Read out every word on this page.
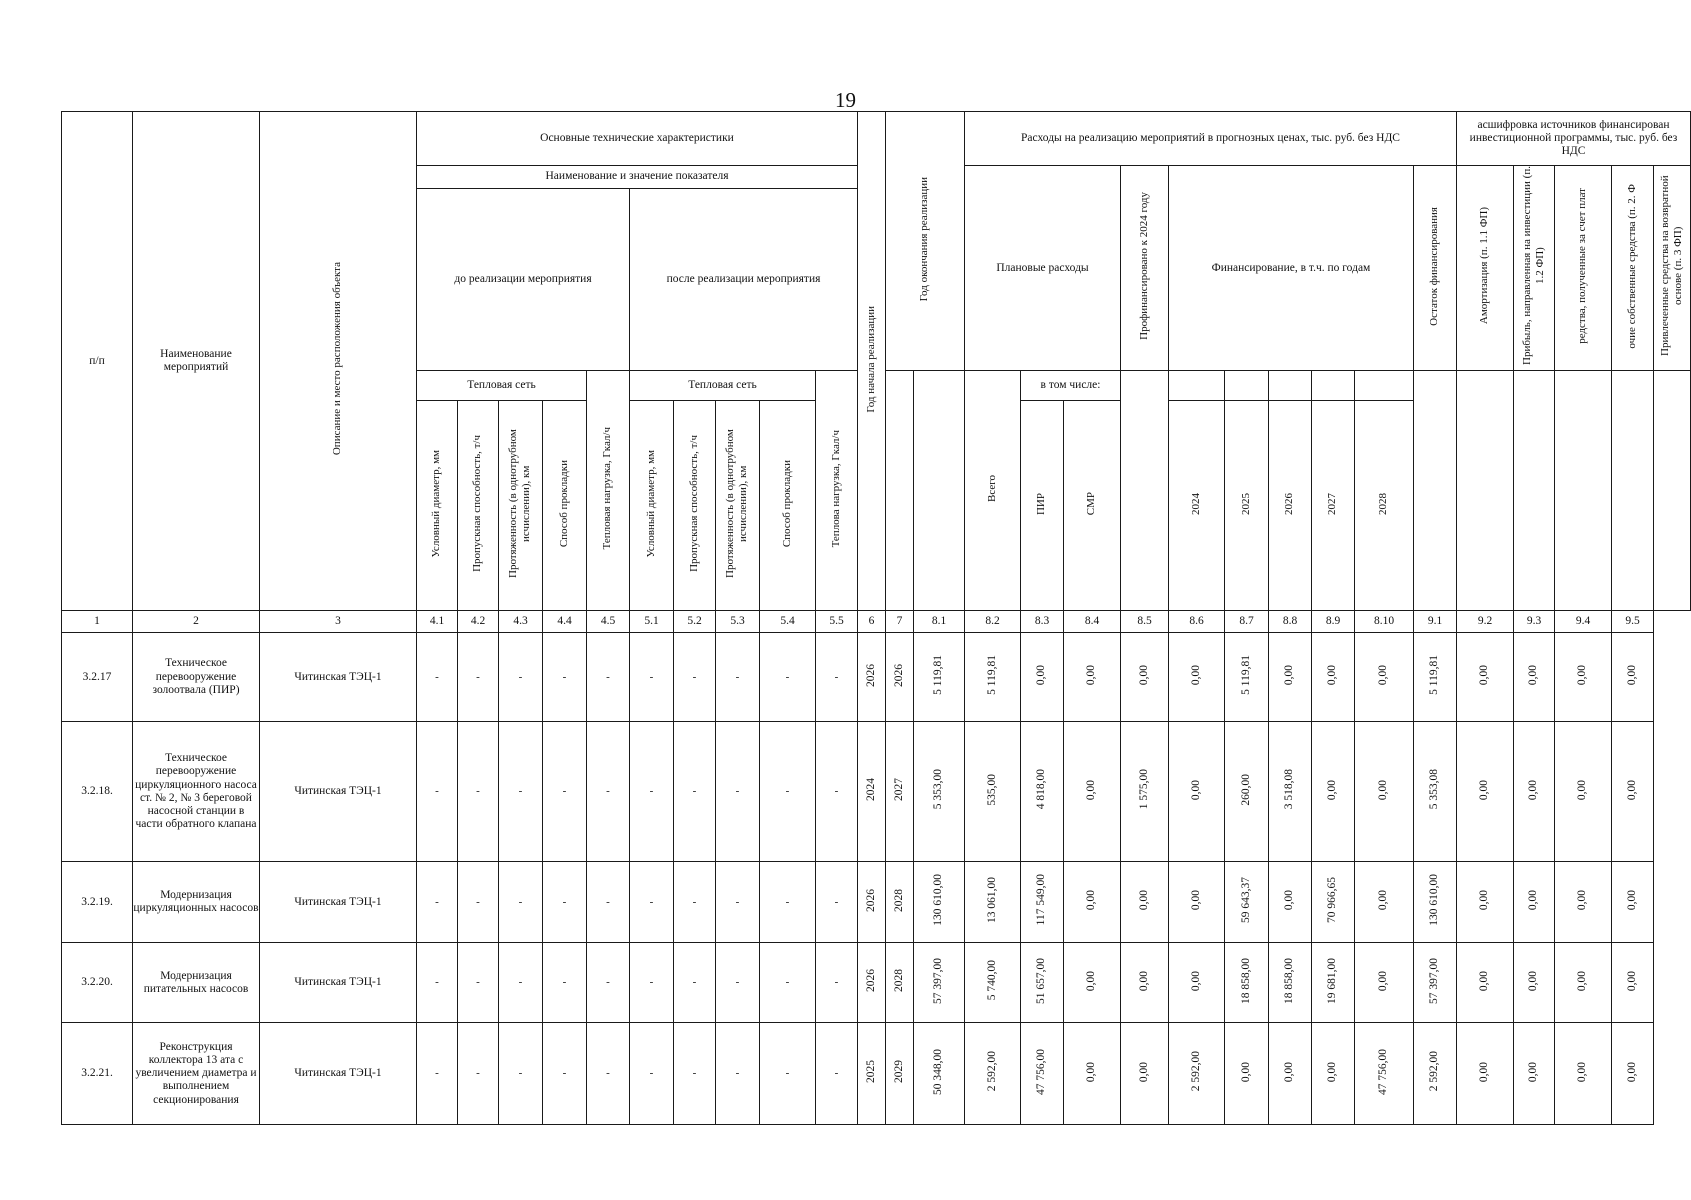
19
п/п	Наименование мероприятий	Описание и место расположения объекта	Основные технические характеристики										Год начала реализации	Год окончания реализации		Расходы на реализацию мероприятий в прогнозных ценах, тыс. руб. без НДС										асшифровка источников финансирован инвестиционной программы, тыс. руб. без НДС				
			Наименование и значение показателя													Плановые расходы			Профинансировано к 2024 году	Финансирование, в т.ч. по годам					Остаток финансирования	Амортизация (п. 1.1 ФП)	Прибыль, направленная на инвестиции (п. 1.2 ФП)	редства, полученные за счет плат	очие собственные средства (п. 2. Ф	Привлеченные средства на возвратной основе (п. 3 ФП)
			до реализации мероприятия					после реализации мероприятия																						
			Тепловая сеть				Тепловая нагрузка, Гкал/ч	Тепловая сеть				Теплова нагрузка, Гкал/ч				Всего	в том числе:													
			Условный диаметр, мм	Пропускная способность, т/ч	Протяженность (в однотрубном исчислении), км	Способ прокладки		Условный диаметр, мм	Пропускная способность, т/ч	Протяженность (в однотрубном исчислении), км	Способ прокладки						ПИР	СМР		2024	2025	2026	2027	2028						
1	2	3	4.1	4.2	4.3	4.4	4.5	5.1	5.2	5.3	5.4	5.5	6	7	8.1	8.2	8.3	8.4	8.5	8.6	8.7	8.8	8.9	8.10	9.1	9.2	9.3	9.4	9.5	
3.2.17	Техническое перевооружение золоотвала (ПИР)	Читинская ТЭЦ-1	-	-	-	-	-	-	-	-	-	-	2026	2026	5 119,81	5 119,81	0,00	0,00	0,00	0,00	5 119,81	0,00	0,00	0,00	5 119,81	0,00	0,00	0,00	0,00	
3.2.18.	Техническое перевооружение циркуляционного насоса ст. № 2, № 3 береговой насосной станции в части обратного клапана	Читинская ТЭЦ-1	-	-	-	-	-	-	-	-	-	-	2024	2027	5 353,00	535,00	4 818,00	0,00	1 575,00	0,00	260,00	3 518,08	0,00	0,00	5 353,08	0,00	0,00	0,00	0,00	
3.2.19.	Модернизация циркуляционных насосов	Читинская ТЭЦ-1	-	-	-	-	-	-	-	-	-	-	2026	2028	130 610,00	13 061,00	117 549,00	0,00	0,00	0,00	59 643,37	0,00	70 966,65	0,00	130 610,00	0,00	0,00	0,00	0,00	
3.2.20.	Модернизация питательных насосов	Читинская ТЭЦ-1	-	-	-	-	-	-	-	-	-	-	2026	2028	57 397,00	5 740,00	51 657,00	0,00	0,00	0,00	18 858,00	18 858,00	19 681,00	0,00	57 397,00	0,00	0,00	0,00	0,00	
3.2.21.	Реконструкция коллектора 13 ата с увеличением диаметра и выполнением секционирования	Читинская ТЭЦ-1	-	-	-	-	-	-	-	-	-	-	2025	2029	50 348,00	2 592,00	47 756,00	0,00	0,00	2 592,00	0,00	0,00	0,00	47 756,00	2 592,00	0,00	0,00	0,00	0,00	
